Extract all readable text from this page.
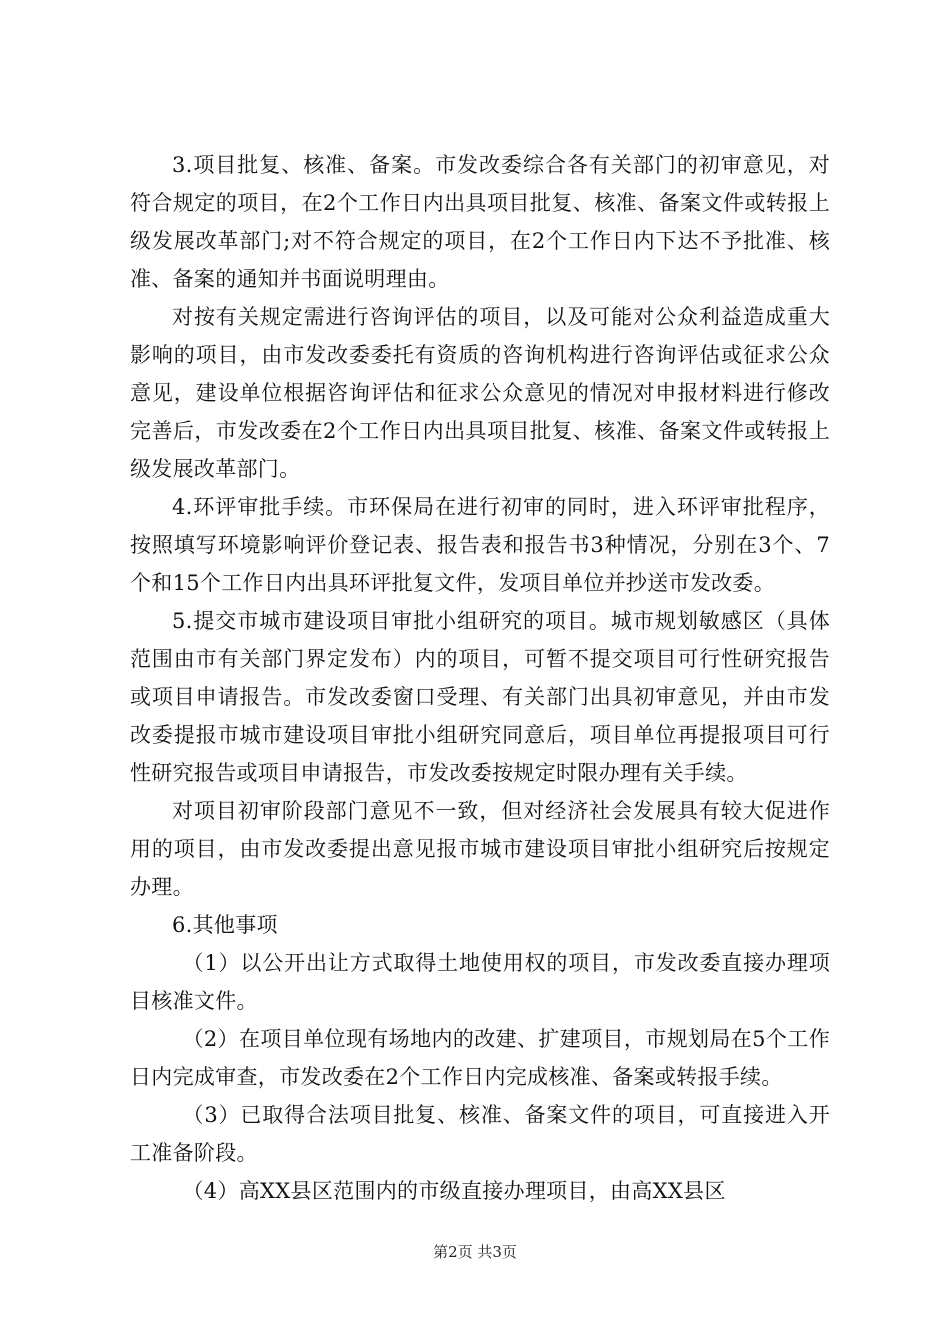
3.项目批复、核准、备案。市发改委综合各有关部门的初审意见，对符合规定的项目，在2个工作日内出具项目批复、核准、备案文件或转报上级发展改革部门;对不符合规定的项目，在2个工作日内下达不予批准、核准、备案的通知并书面说明理由。

对按有关规定需进行咨询评估的项目，以及可能对公众利益造成重大影响的项目，由市发改委委托有资质的咨询机构进行咨询评估或征求公众意见，建设单位根据咨询评估和征求公众意见的情况对申报材料进行修改完善后，市发改委在2个工作日内出具项目批复、核准、备案文件或转报上级发展改革部门。

4.环评审批手续。市环保局在进行初审的同时，进入环评审批程序，按照填写环境影响评价登记表、报告表和报告书3种情况，分别在3个、7个和15个工作日内出具环评批复文件，发项目单位并抄送市发改委。

5.提交市城市建设项目审批小组研究的项目。城市规划敏感区（具体范围由市有关部门界定发布）内的项目，可暂不提交项目可行性研究报告或项目申请报告。市发改委窗口受理、有关部门出具初审意见，并由市发改委提报市城市建设项目审批小组研究同意后，项目单位再提报项目可行性研究报告或项目申请报告，市发改委按规定时限办理有关手续。

对项目初审阶段部门意见不一致，但对经济社会发展具有较大促进作用的项目，由市发改委提出意见报市城市建设项目审批小组研究后按规定办理。

6.其他事项

（1）以公开出让方式取得土地使用权的项目，市发改委直接办理项目核准文件。

（2）在项目单位现有场地内的改建、扩建项目，市规划局在5个工作日内完成审查，市发改委在2个工作日内完成核准、备案或转报手续。

（3）已取得合法项目批复、核准、备案文件的项目，可直接进入开工准备阶段。

（4）高XX县区范围内的市级直接办理项目，由高XX县区

第2页 共3页
